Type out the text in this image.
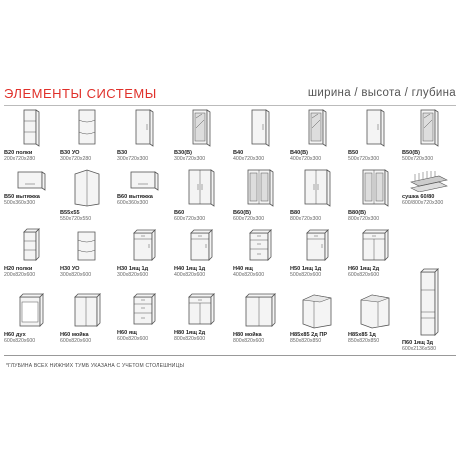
ЭЛЕМЕНТЫ СИСТЕМЫ	ширина / высота / глубина
B20 полки
200x720x280
B30 УО
300x720x280
B30
300x720x300
B30(B)
300x720x300
B40
400x720x300
B40(B)
400x720x300
B50
500x720x300
B50(B)
500x720x300
B50 вытяжка
500x360x300
B55x55
550x720x550
B60 вытяжка
600x360x300
B60
600x720x300
B60(B)
600x720x300
B80
800x720x300
B80(B)
800x720x300
сушка 60/80
600/800x720x300
H20 полки
200x820x600
H30 УО
300x820x600
H30 1ящ 1д
300x820x600
H40 1ящ 1д
400x820x600
H40 ящ
400x820x600
H50 1ящ 1д
500x820x600
H60 1ящ 2д
600x820x600
H60 дух
600x820x600
H60 мойка
600x820x600
H60 ящ
600x820x600
H80 1ящ 2д
800x820x600
H80 мойка
800x820x600
H85x85 2д ПР
850x820x850
H85x85 1д
850x820x850	П60 1ящ 3д
600x2136x580
*ГЛУБИНА ВСЕХ НИЖНИХ ТУМБ УКАЗАНА С УЧЕТОМ СТОЛЕШНИЦЫ
